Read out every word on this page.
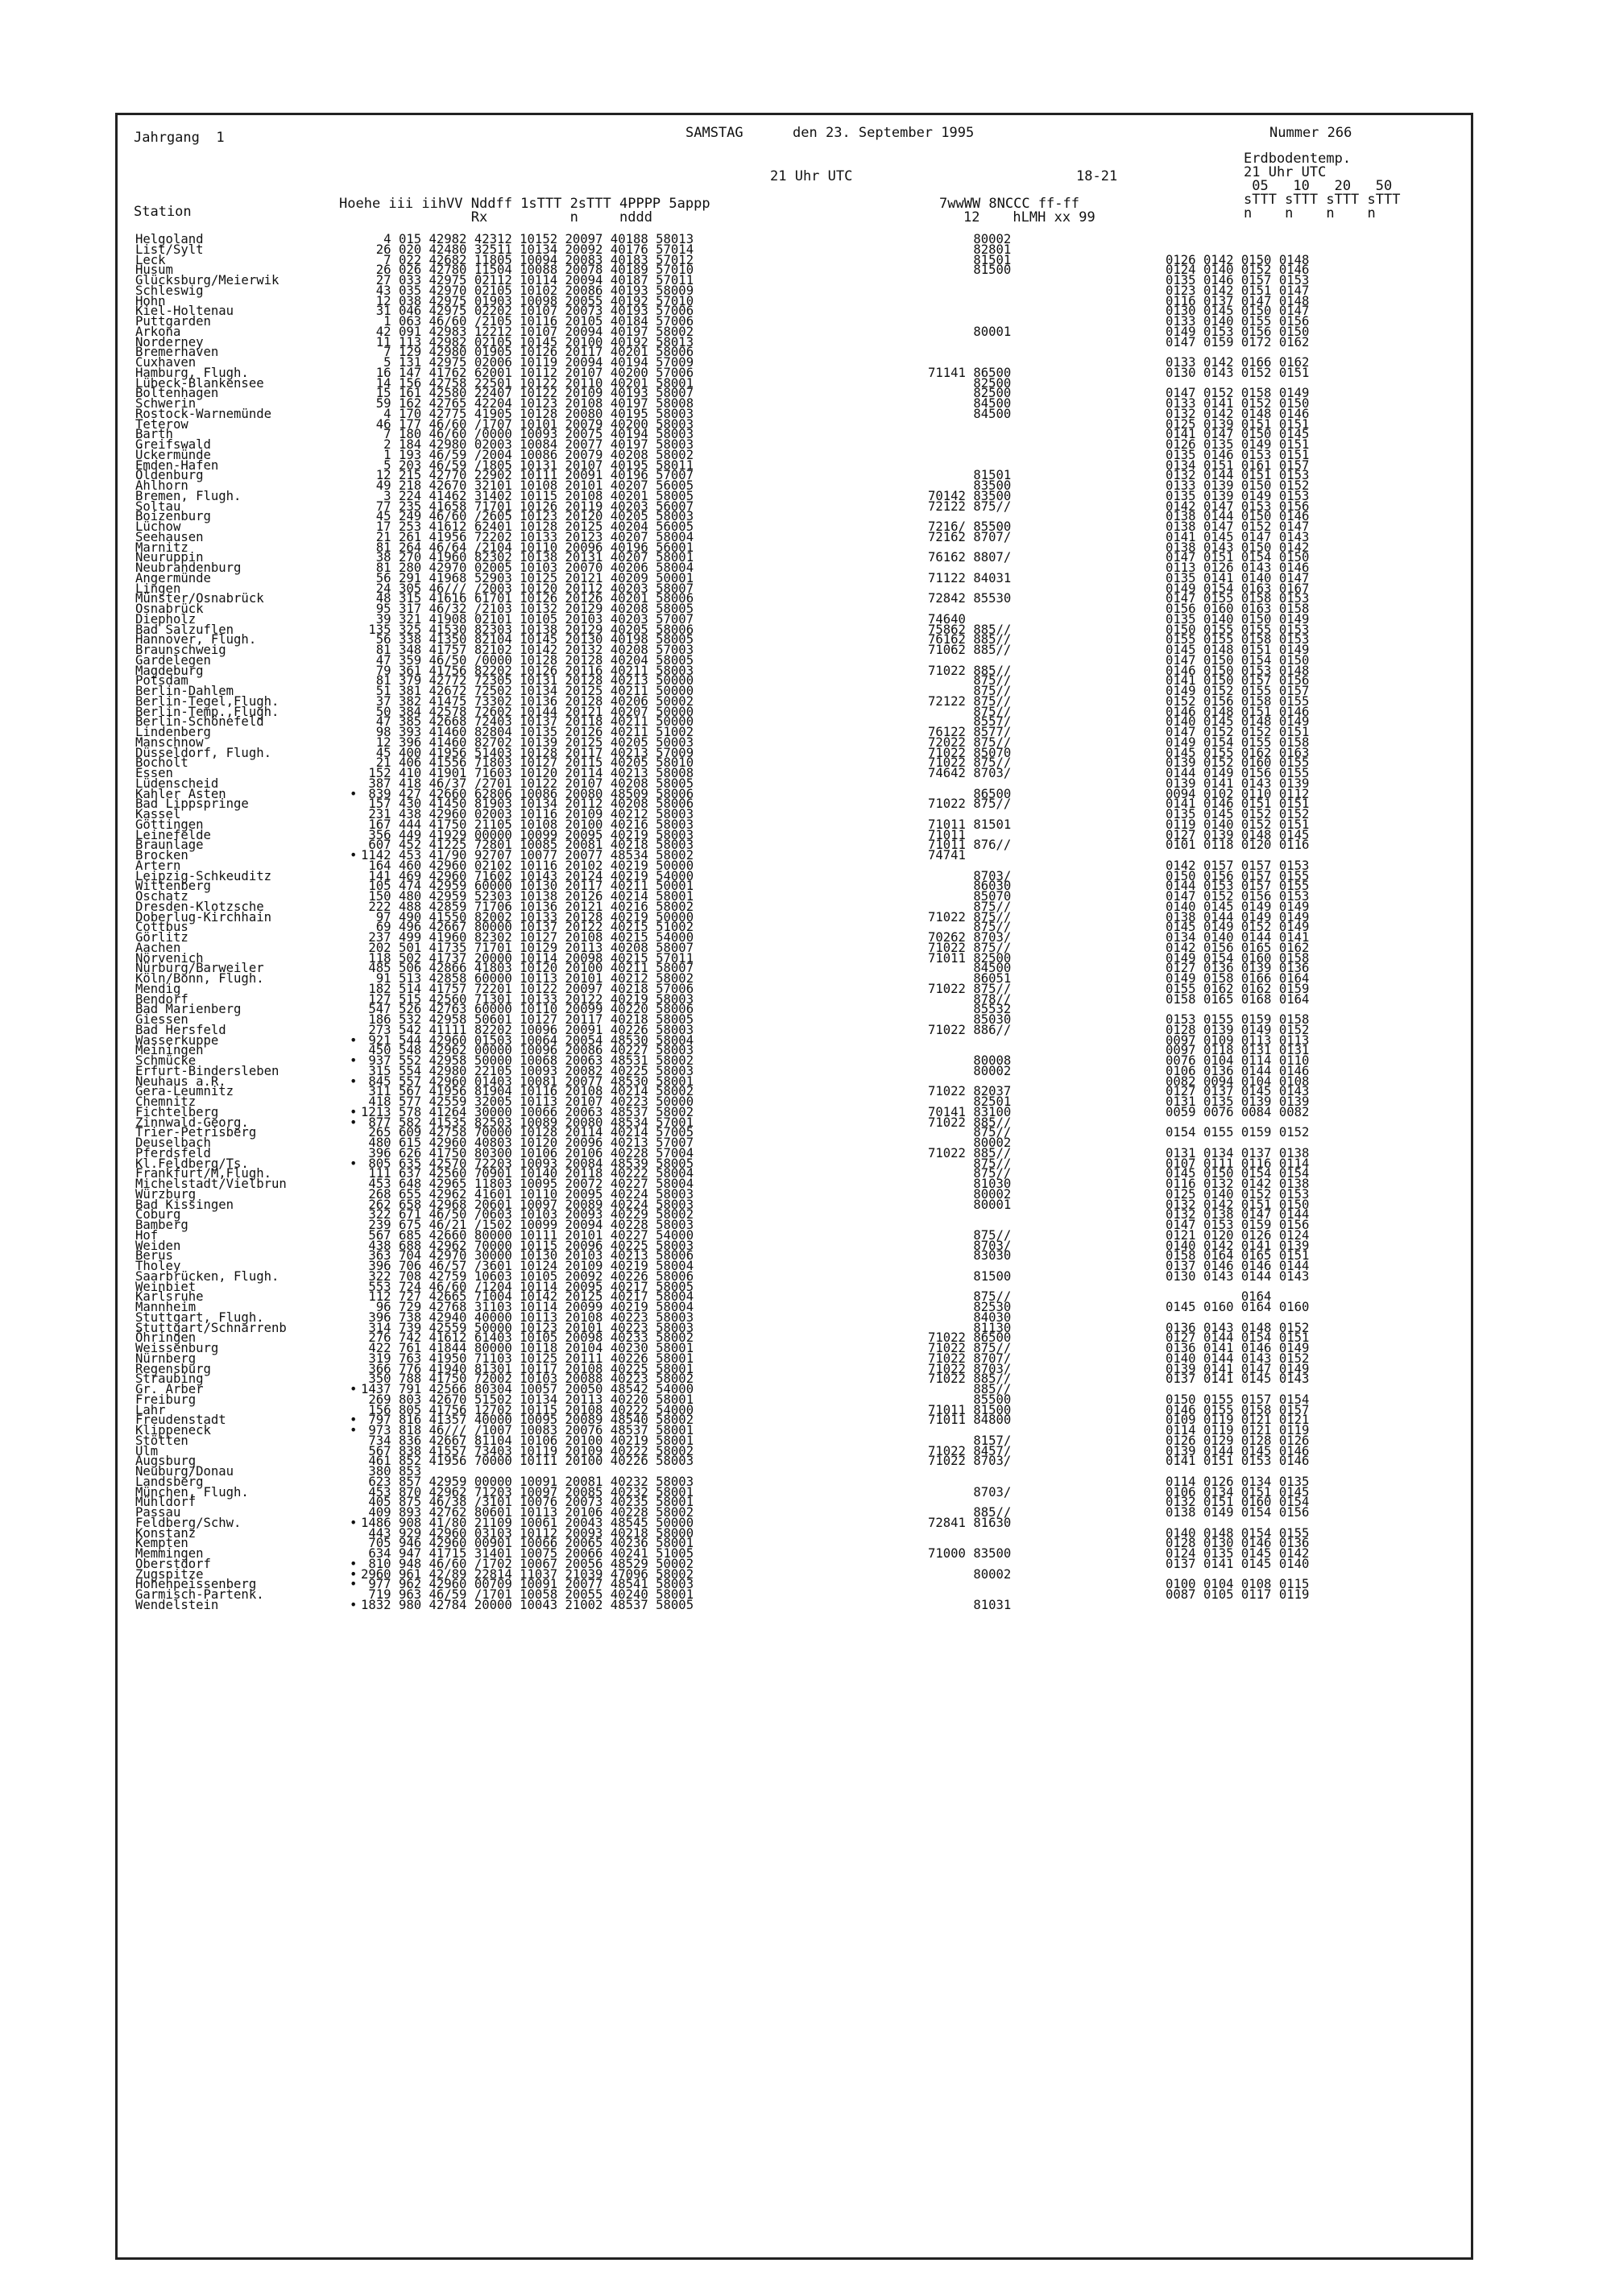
Jahrgang  1	SAMSTAG      den 23. September 1995	Nummer 266
Erdbodentemp.
21 Uhr UTC
05   10   20   50
sTTT sTTT sTTT sTTT
n    n    n    n
21 Uhr UTC	18-21
Station	Hoehe iii iihVV Nddff 1sTTT 2sTTT 4PPPP 5appp
Rx          n     nddd
7wwWW 8NCCC ff-ff
12    hLMH xx 99
Helgoland	4 015 42982 42312 10152 20097 40188 58013	80002
List/Sylt	26 020 42480 32511 10134 20092 40176 57014	82801
Leck	7 022 42682 11805 10094 20083 40183 57012	81501	0126 0142 0150 0148
Husum	26 026 42780 11504 10088 20078 40189 57010	81500	0124 0140 0152 0146
Glücksburg/Meierwik	27 033 42975 02112 10114 20094 40187 57011	0135 0146 0157 0153
Schleswig	43 035 42970 02105 10102 20086 40193 58009	0123 0142 0151 0147
Hohn	12 038 42975 01903 10098 20055 40192 57010	0116 0137 0147 0148
Kiel-Holtenau	31 046 42975 02202 10107 20073 40193 57006	0130 0145 0150 0147
Puttgarden	1 063 46/60 /2105 10116 20105 40184 57006	0133 0140 0155 0156
Arkona	42 091 42983 12212 10107 20094 40197 58002	80001	0149 0153 0156 0150
Norderney	11 113 42982 02105 10145 20100 40192 58013	0147 0159 0172 0162
Bremerhaven	7 129 42980 01905 10126 20117 40201 58006
Cuxhaven	5 131 42975 02006 10119 20094 40194 57009	0133 0142 0166 0162
Hamburg, Flugh.	16 147 41762 62001 10112 20107 40200 57006	71141 86500	0130 0143 0152 0151
Lübeck-Blankensee	14 156 42758 22501 10122 20110 40201 58001	82500
Boltenhagen	15 161 42580 22407 10122 20109 40193 58007	82500	0147 0152 0158 0149
Schwerin	59 162 42765 42204 10123 20108 40197 58008	84500	0133 0141 0152 0150
Rostock-Warnemünde	4 170 42775 41905 10128 20080 40195 58003	84500	0132 0142 0148 0146
Teterow	46 177 46/60 /1707 10101 20079 40200 58003	0125 0139 0151 0151
Barth	7 180 46/60 /0000 10093 20075 40194 58003	0141 0147 0150 0145
Greifswald	2 184 42980 02003 10084 20077 40197 58003	0126 0135 0149 0151
Ückermünde	1 193 46/59 /2004 10086 20079 40208 58002	0135 0146 0153 0151
Emden-Hafen	5 203 46/59 /1805 10131 20107 40195 58011	0134 0151 0161 0157
Oldenburg	12 215 42770 22902 10111 20091 40196 57007	81501	0132 0144 0151 0153
Ahlhorn	49 218 42670 32101 10108 20101 40207 56005	83500	0133 0139 0150 0152
Bremen, Flugh.	3 224 41462 31402 10115 20108 40201 58005	70142 83500	0135 0139 0149 0153
Soltau	77 235 41658 71701 10126 20119 40203 56007	72122 875//	0142 0147 0153 0156
Boizenburg	45 249 46/60 /2605 10123 20120 40205 58003	0138 0144 0150 0146
Lüchow	17 253 41612 62401 10128 20125 40204 56005	7216/ 85500	0138 0147 0152 0147
Seehausen	21 261 41956 72202 10133 20123 40207 58004	72162 8707/	0141 0145 0147 0143
Marnitz	81 264 46/64 /2104 10110 20096 40196 56001	0138 0143 0150 0142
Neuruppin	38 270 41960 82302 10138 20131 40207 58001	76162 8807/	0147 0151 0154 0150
Neubrandenburg	81 280 42970 02005 10103 20070 40206 58004	0113 0126 0143 0146
Angermünde	56 291 41968 52903 10125 20121 40209 50001	71122 84031	0135 0141 0140 0147
Lingen	24 305 46/// /2003 10120 20112 40203 58007	0149 0154 0163 0167
Münster/Osnabrück	48 315 41616 61701 10126 20126 40201 58006	72842 85530	0147 0155 0158 0153
Osnabrück	95 317 46/32 /2103 10132 20129 40208 58005	0156 0160 0163 0158
Diepholz	39 321 41908 02101 10105 20103 40203 57007	74640	0135 0140 0150 0149
Bad Salzuflen	135 325 41530 82303 10138 20129 40205 58006	75862 885//	0150 0155 0155 0153
Hannover, Flugh.	56 338 41350 82104 10145 20130 40198 58005	76162 885//	0155 0155 0158 0153
Braunschweig	81 348 41757 82102 10142 20132 40208 57003	71062 885//	0145 0148 0151 0149
Gardelegen	47 359 46/50 /0000 10128 20128 40204 58005	0147 0150 0154 0150
Magdeburg	79 361 41756 82202 10126 20116 40211 58003	71022 885//	0146 0150 0153 0148
Potsdam	81 379 42772 72305 10131 20128 40213 50000	875//	0141 0150 0157 0156
Berlin-Dahlem	51 381 42672 72502 10134 20125 40211 50000	875//	0149 0152 0155 0157
Berlin-Tegel,Flugh.	37 382 41475 73302 10136 20128 40206 50002	72122 875//	0152 0156 0158 0155
Berlin-Temp.,Flugh.	50 384 42578 72602 10144 20121 40207 50000	875//	0146 0148 0151 0146
Berlin-Schönefeld	47 385 42668 72403 10137 20118 40211 50000	8557/	0140 0145 0148 0149
Lindenberg	98 393 41460 82804 10135 20126 40211 51002	76122 8577/	0147 0152 0152 0151
Manschnow	12 396 41460 82702 10139 20125 40205 50003	72022 875//	0149 0154 0155 0158
Düsseldorf, Flugh.	45 400 41956 51403 10128 20117 40213 57009	71022 85070	0145 0155 0162 0163
Bocholt	21 406 41556 71803 10127 20115 40205 58010	71022 875//	0139 0152 0160 0155
Essen	152 410 41901 71603 10120 20114 40213 58008	74642 8703/	0144 0149 0156 0155
Lüdenscheid	387 418 46/37 /2701 10122 20107 40208 58005	0139 0141 0143 0139
Kahler Asten	• 839 427 42660 62806 10086 20080 48509 58006	86500	0094 0102 0110 0112
Bad Lippspringe	157 430 41450 81903 10134 20112 40208 58006	71022 875//	0141 0146 0151 0151
Kassel	231 438 42960 02003 10116 20109 40212 58003	0135 0145 0152 0152
Göttingen	167 444 41750 21105 10108 20100 40216 58003	71011 81501	0119 0140 0152 0151
Leinefelde	356 449 41929 00000 10099 20095 40219 58003	71011	0127 0139 0148 0145
Braunlage	607 452 41225 72801 10085 20081 40218 58003	71011 876//	0101 0118 0120 0116
Brocken	• 1142 453 41/90 92707 10077 20077 48534 58002	74741
Artern	164 460 42960 02102 10116 20102 40219 50000	0142 0157 0157 0153
Leipzig-Schkeuditz	141 469 42960 71602 10143 20124 40219 54000	8703/	0150 0156 0157 0155
Wittenberg	105 474 42959 60000 10130 20117 40211 50001	86030	0144 0153 0157 0155
Oschatz	150 480 42959 52303 10138 20126 40214 58001	85070	0147 0152 0156 0153
Dresden-Klotzsche	222 488 42859 71706 10136 20121 40216 58002	875//	0140 0145 0149 0149
Doberlug-Kirchhain	97 490 41550 82002 10133 20128 40219 50000	71022 875//	0138 0144 0149 0149
Cottbus	69 496 42667 80000 10137 20122 40215 51002	875//	0145 0149 0152 0149
Görlitz	237 499 41960 82302 10127 20108 40215 54000	70262 8703/	0134 0140 0144 0141
Aachen	202 501 41735 71701 10129 20113 40208 58007	71022 875//	0142 0156 0165 0162
Nörvenich	118 502 41737 20000 10114 20098 40215 57011	71011 82500	0149 0154 0160 0158
Nürburg/Barweiler	485 506 42866 41803 10120 20100 40211 58007	84500	0127 0136 0139 0136
Köln/Bonn, Flugh.	91 513 42858 60000 10113 20101 40212 58002	86051	0149 0158 0166 0164
Mendig	182 514 41757 72201 10122 20097 40218 57006	71022 875//	0155 0162 0162 0159
Bendorf	127 515 42560 71301 10133 20122 40219 58003	878//	0158 0165 0168 0164
Bad Marienberg	547 526 42763 60000 10110 20099 40220 58006	85532
Giessen	186 532 42958 50601 10127 20117 40218 58005	85030	0153 0155 0159 0158
Bad Hersfeld	273 542 41111 82202 10096 20091 40226 58003	71022 886//	0128 0139 0149 0152
Wasserkuppe	• 921 544 42960 01503 10064 20054 48530 58004	0097 0109 0113 0113
Meiningen	450 548 42962 00000 10096 20086 40227 58003	0097 0118 0131 0131
Schmücke	• 937 552 42958 50000 10068 20063 48531 58002	80008	0076 0104 0114 0110
Erfurt-Bindersleben	315 554 42980 22105 10093 20082 40225 58003	80002	0106 0136 0144 0146
Neuhaus a.R.	• 845 557 42960 01403 10081 20077 48530 58001	0082 0094 0104 0108
Gera-Leumnitz	311 567 41956 81904 10116 20108 40214 58002	71022 82037	0127 0137 0145 0143
Chemnitz	418 577 42559 32005 10113 20107 40223 50000	82501	0131 0135 0139 0139
Fichtelberg	• 1213 578 41264 30000 10066 20063 48537 58002	70141 83100	0059 0076 0084 0082
Zinnwald-Georg.	• 877 582 41535 82503 10089 20080 48534 57001	71022 885//
Trier-Petrisberg	265 609 42758 70000 10128 20114 40214 57005	875//	0154 0155 0159 0152
Deuselbach	480 615 42960 40803 10120 20096 40213 57007	80002
Pferdsfeld	396 626 41750 80300 10106 20106 40228 57004	71022 885//	0131 0134 0137 0138
Kl.Feldberg/Ts.	• 805 635 42570 72203 10093 20084 48539 58005	875//	0107 0111 0116 0114
Frankfurt/M,Flugh.	111 637 42560 70901 10140 20118 40222 58004	875//	0145 0150 0154 0154
Michelstadt/Vielbrun	453 648 42965 11803 10095 20072 40227 58004	81030	0116 0132 0142 0138
Würzburg	268 655 42962 41601 10110 20095 40224 58003	80002	0125 0140 0152 0153
Bad Kissingen	262 658 42968 20601 10097 20089 40224 58003	80001	0132 0142 0151 0150
Coburg	322 671 46/50 /0603 10103 20093 40229 58002	0132 0138 0147 0144
Bamberg	239 675 46/21 /1502 10099 20094 40228 58003	0147 0153 0159 0156
Hof	567 685 42660 80000 10111 20101 40227 54000	875//	0121 0120 0126 0124
Weiden	438 688 42962 70000 10115 20096 40225 58003	8703/	0140 0142 0141 0139
Berus	363 704 42970 30000 10130 20103 40213 58006	83030	0158 0164 0165 0151
Tholey	396 706 46/57 /3601 10124 20109 40219 58004	0137 0146 0146 0144
Saarbrücken, Flugh.	322 708 42759 10603 10105 20092 40226 58006	81500	0130 0143 0144 0143
Weinbiet	553 724 46/60 /1204 10114 20095 40217 58005
Karlsruhe	112 727 42665 71004 10142 20125 40217 58004	875//	0164
Mannheim	96 729 42768 31103 10114 20099 40219 58004	82530	0145 0160 0164 0160
Stuttgart, Flugh.	396 738 42940 40000 10113 20108 40223 58003	84030
Stuttgart/Schnarrenb	314 739 42559 50000 10123 20101 40223 58003	81130	0136 0143 0148 0152
Öhringen	276 742 41612 61403 10105 20098 40233 58002	71022 86500	0127 0144 0154 0151
Weissenburg	422 761 41844 80000 10118 20104 40230 58001	71022 875//	0136 0141 0146 0149
Nürnberg	319 763 41950 71103 10125 20111 40226 58001	71022 8707/	0140 0144 0143 0152
Regensburg	366 776 41940 81301 10117 20108 40225 58001	71022 8703/	0139 0141 0147 0149
Straubing	350 788 41750 72002 10103 20088 40223 58002	71022 885//	0137 0141 0145 0143
Gr. Arber	• 1437 791 42566 80304 10057 20050 48542 54000	885//
Freiburg	269 803 42670 51502 10134 20113 40220 58001	85500	0150 0155 0157 0154
Lahr	156 805 41756 12702 10115 20108 40222 54000	71011 81500	0146 0155 0158 0157
Freudenstadt	• 797 816 41357 40000 10095 20089 48540 58002	71011 84800	0109 0119 0121 0121
Klippeneck	• 973 818 46/// /1007 10083 20076 48537 58001	0114 0119 0121 0119
Stötten	734 836 42667 81104 10106 20100 40219 58001	8157/	0126 0129 0128 0126
Ulm	567 838 41557 73403 10119 20109 40222 58002	71022 8457/	0139 0144 0145 0146
Augsburg	461 852 41956 70000 10111 20100 40226 58003	71022 8703/	0141 0151 0153 0146
Neuburg/Donau	380 853
Landsberg	623 857 42959 00000 10091 20081 40232 58003	0114 0126 0134 0135
München, Flugh.	453 870 42962 71203 10097 20085 40232 58001	8703/	0106 0134 0151 0145
Mühldorf	405 875 46/38 /3101 10076 20073 40235 58001	0132 0151 0160 0154
Passau	409 893 42762 80601 10113 20106 40228 58002	885//	0138 0149 0154 0156
Feldberg/Schw.	• 1486 908 41/80 21109 10061 20043 48545 50000	72841 81630
Konstanz	443 929 42960 03103 10112 20093 40218 58000	0140 0148 0154 0155
Kempten	705 946 42960 00901 10066 20065 40236 58001	0128 0130 0146 0136
Memmingen	634 947 41715 31401 10075 20066 40241 51005	71000 83500	0124 0135 0145 0142
Oberstdorf	• 810 948 46/60 /1702 10067 20056 48529 50002	0137 0141 0145 0140
Zugspitze	• 2960 961 42/89 22814 11037 21039 47096 58002	80002
Hohenpeissenberg	• 977 962 42960 00709 10091 20077 48541 58003	0100 0104 0108 0115
Garmisch-Partenk.	719 963 46/59 /1701 10058 20055 40240 58001	0087 0105 0117 0119
Wendelstein	• 1832 980 42784 20000 10043 21002 48537 58005	81031
